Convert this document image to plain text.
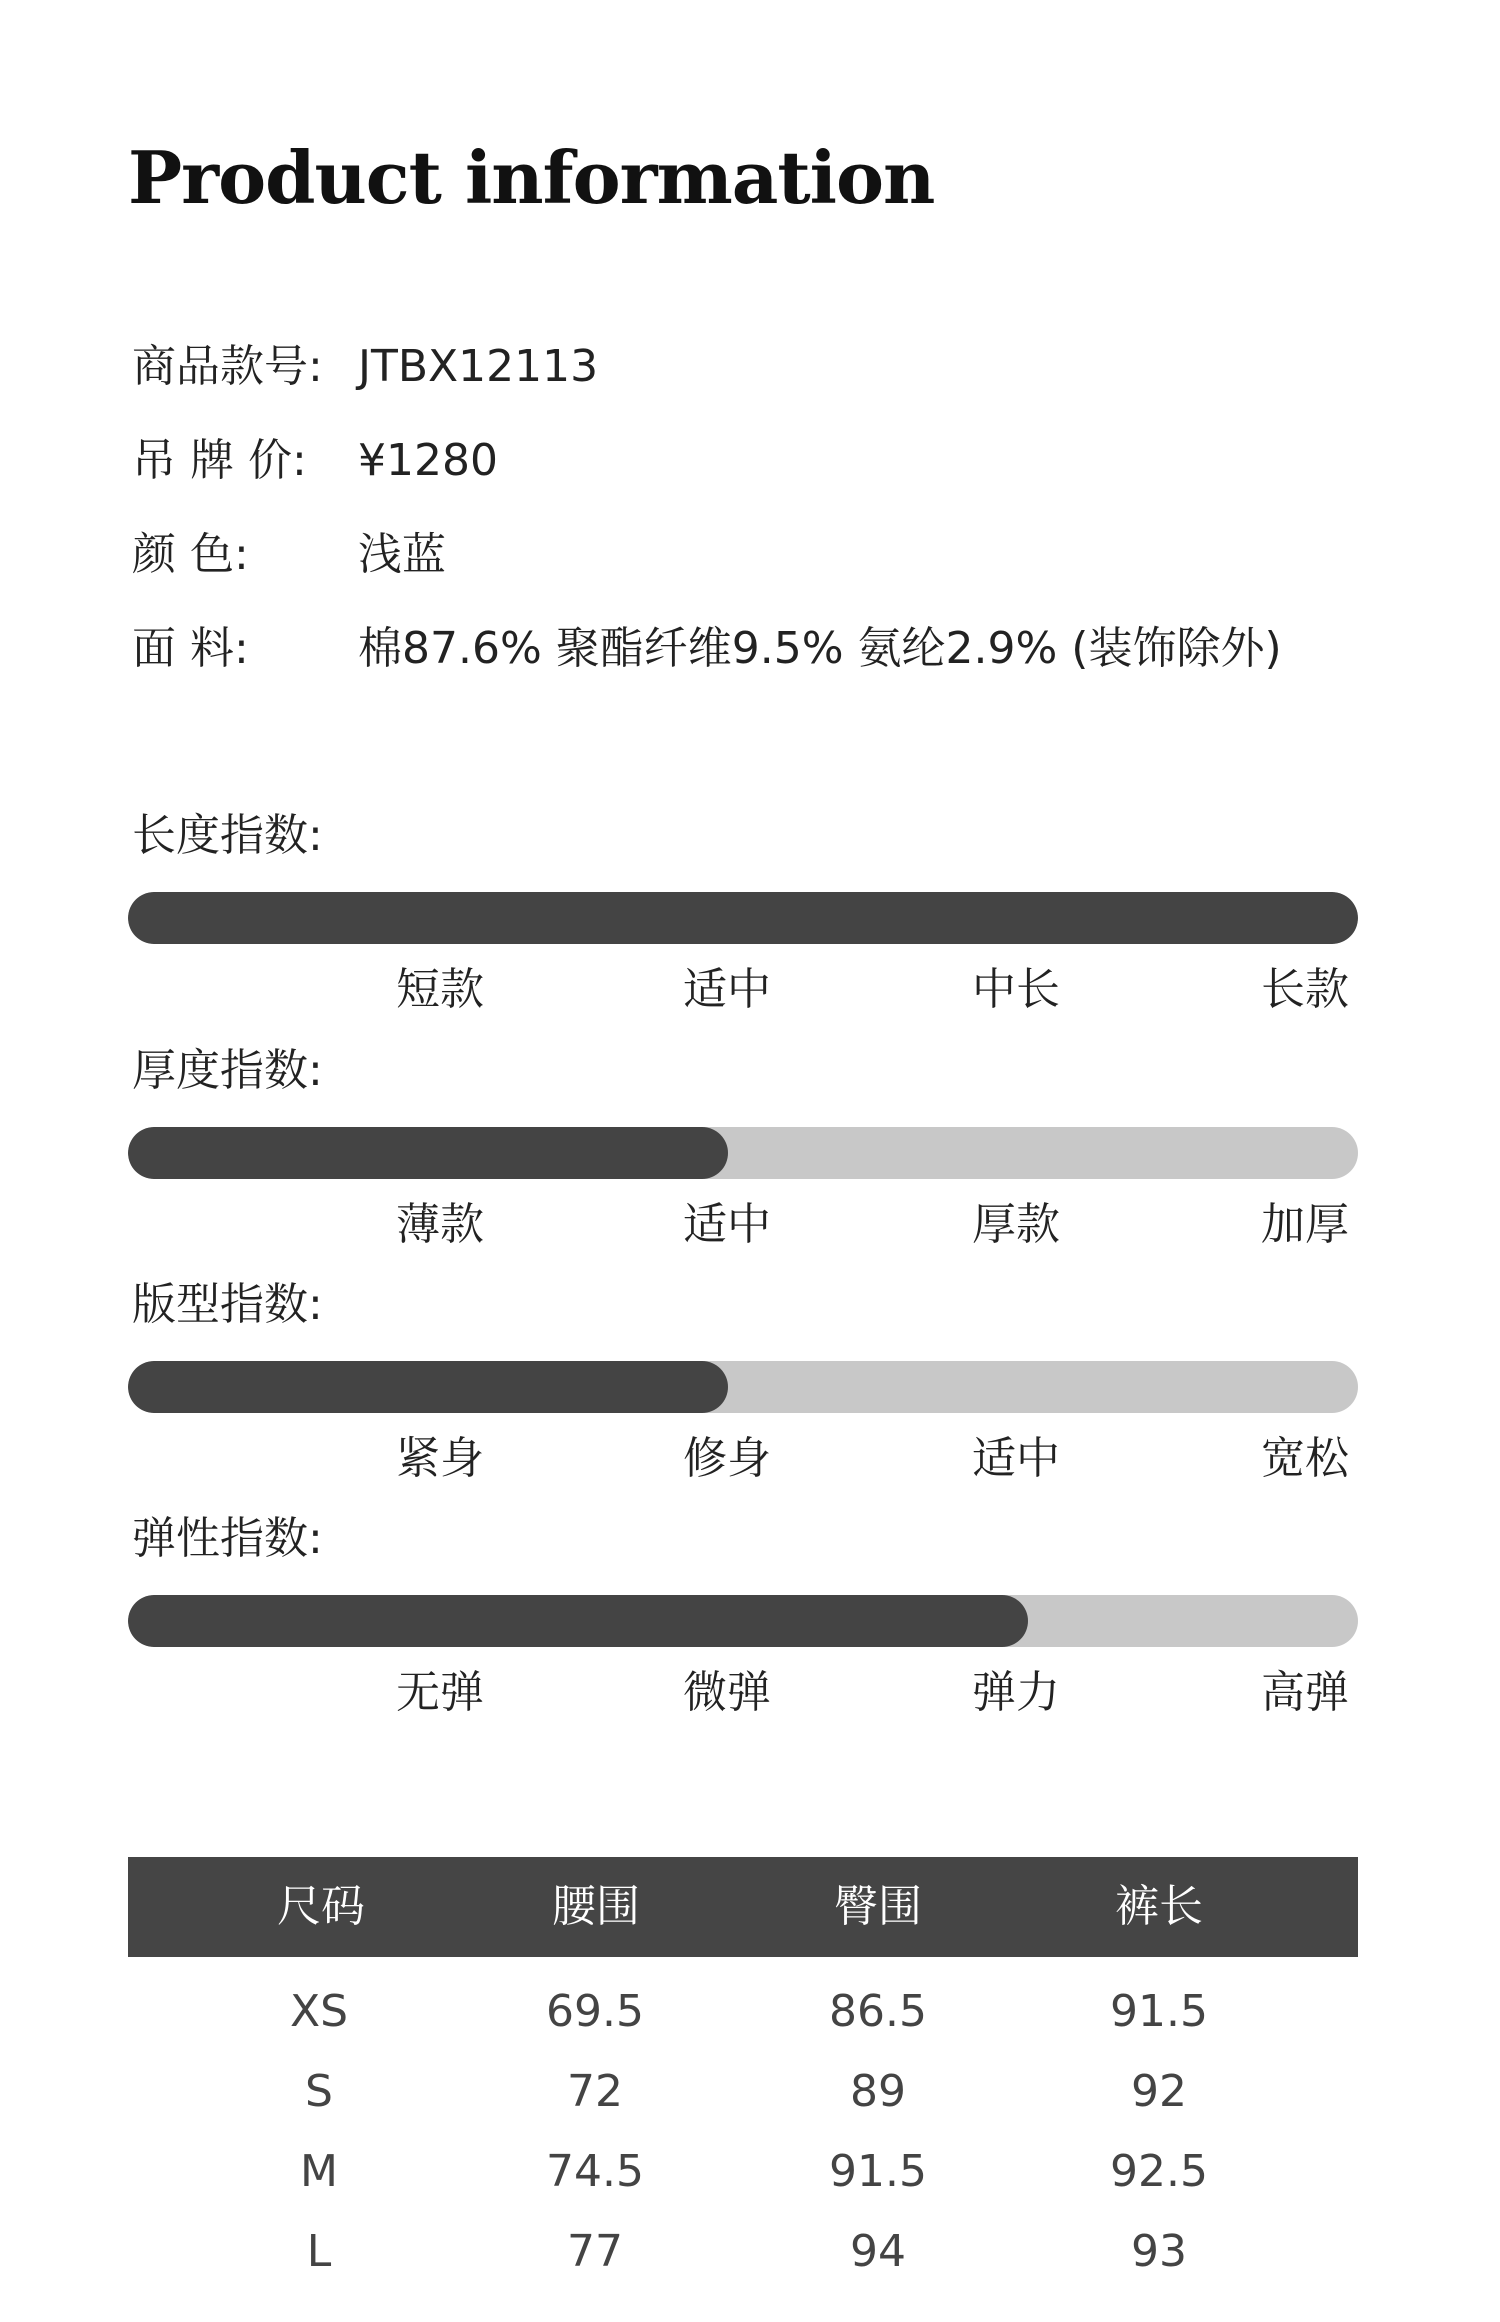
Product information
商品款号: JTBX12113
吊 牌 价: ¥1280
颜 色: 浅蓝
面 料: 棉87.6% 聚酯纤维9.5% 氨纶2.9% (装饰除外)
长度指数:
短款	适中	中长	长款
厚度指数:
薄款	适中	厚款	加厚
版型指数:
紧身	修身	适中	宽松
弹性指数:
无弹	微弹	弹力	高弹
尺码	腰围	臀围	裤长
XS	69.5	86.5	91.5
S	72	89	92
M	74.5	91.5	92.5
L	77	94	93
